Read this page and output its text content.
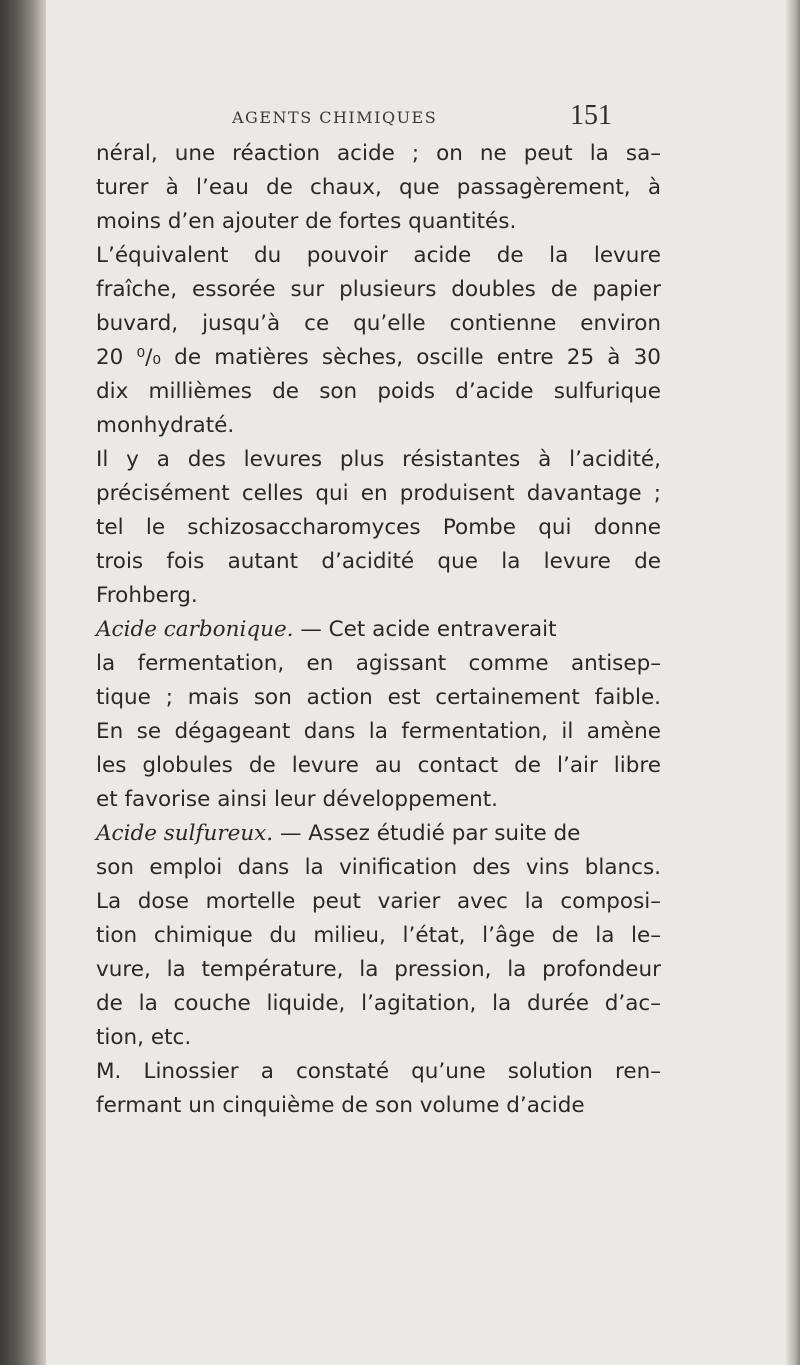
AGENTS CHIMIQUES	151
néral, une réaction acide ; on ne peut la sa–
turer à l’eau de chaux, que passagèrement, à
moins d’en ajouter de fortes quantités.
L’équivalent du pouvoir acide de la levure
fraîche, essorée sur plusieurs doubles de papier
buvard, jusqu’à ce qu’elle contienne environ
20 ⁰/₀ de matières sèches, oscille entre 25 à 30
dix millièmes de son poids d’acide sulfurique
monhydraté.
Il y a des levures plus résistantes à l’acidité,
précisément celles qui en produisent davantage ;
tel le schizosaccharomyces Pombe qui donne
trois fois autant d’acidité que la levure de
Frohberg.
Acide carbonique. — Cet acide entraverait
la fermentation, en agissant comme antisep–
tique ; mais son action est certainement faible.
En se dégageant dans la fermentation, il amène
les globules de levure au contact de l’air libre
et favorise ainsi leur développement.
Acide sulfureux. — Assez étudié par suite de
son emploi dans la vinification des vins blancs.
La dose mortelle peut varier avec la composi–
tion chimique du milieu, l’état, l’âge de la le–
vure, la température, la pression, la profondeur
de la couche liquide, l’agitation, la durée d’ac–
tion, etc.
M. Linossier a constaté qu’une solution ren–
fermant un cinquième de son volume d’acide
